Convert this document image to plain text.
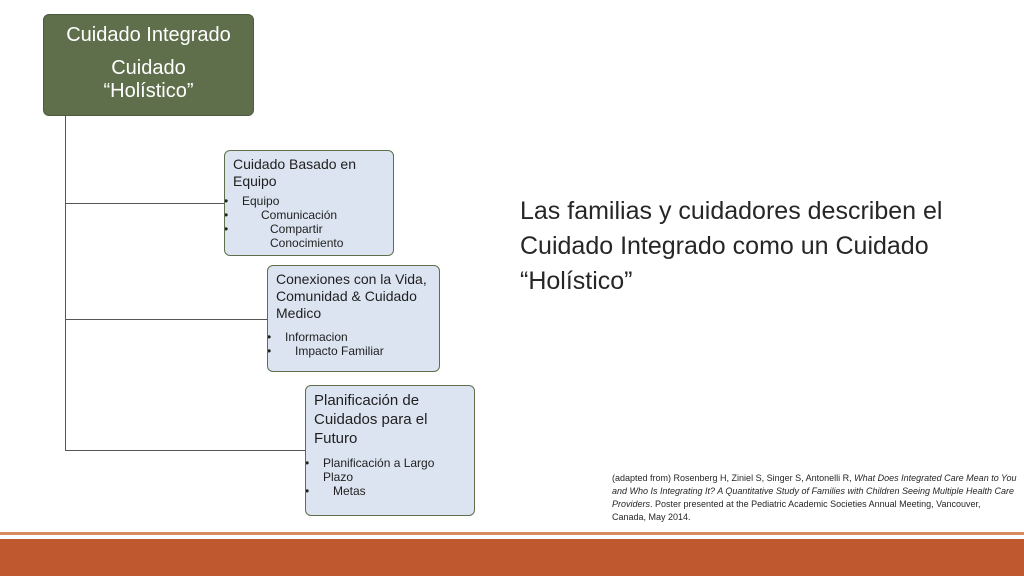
Cuidado Integrado
Cuidado
“Holístico”
Cuidado Basado en Equipo
• Equipo
• Comunicación
• Compartir Conocimiento
Conexiones con la Vida, Comunidad & Cuidado Medico
• Informacion
• Impacto Familiar
Planificación de Cuidados para el Futuro
• Planificación a Largo Plazo
• Metas
Las familias y cuidadores describen el Cuidado Integrado como un Cuidado “Holístico”
(adapted from) Rosenberg H, Ziniel S, Singer S, Antonelli R, What Does Integrated Care Mean to You and Who Is Integrating It? A Quantitative Study of Families with Children Seeing Multiple Health Care Providers. Poster presented at the Pediatric Academic Societies Annual Meeting, Vancouver, Canada, May 2014.
